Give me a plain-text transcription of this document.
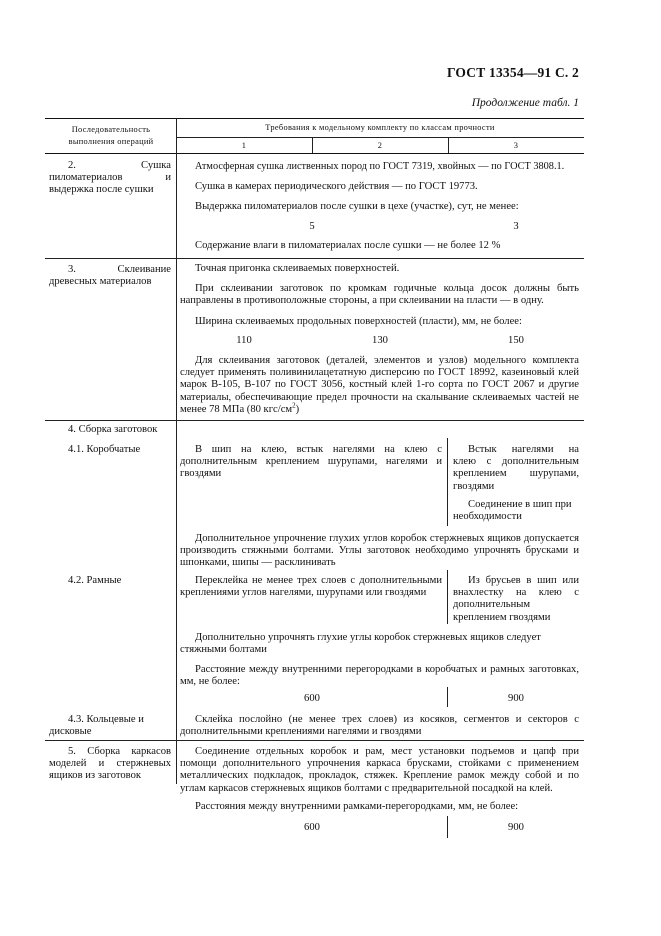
ГОСТ 13354—91 С. 2
Продолжение табл. 1
Последовательность выполнения операций
Требования к модельному комплекту по классам прочности
1	2	3
2. Сушка пиломатериалов и выдержка после сушки
Атмосферная сушка лиственных пород по ГОСТ 7319, хвойных — по ГОСТ 3808.1.
Сушка в камерах периодического действия — по ГОСТ 19773.
Выдержка пиломатериалов после сушки в цехе (участке), сут, не менее:
5	3
Содержание влаги в пиломатериалах после сушки — не более 12 %
3. Склеивание древесных материалов
Точная пригонка склеиваемых поверхностей.
При склеивании заготовок по кромкам годичные кольца досок должны быть направлены в противоположные стороны, а при склеивании на пласти — в одну.
Ширина склеиваемых продольных поверхностей (пласти), мм, не более:
110	130	150
Для склеивания заготовок (деталей, элементов и узлов) модельного комплекта следует применять поливинилацетатную дисперсию по ГОСТ 18992, казеиновый клей марок В-105, В-107 по ГОСТ 3056, костный клей 1-го сорта по ГОСТ 2067 и другие материалы, обеспечивающие предел прочности на скалывание склеиваемых частей не менее 78 МПа (80 кгс/$см^2$)
4. Сборка заготовок
4.1. Коробчатые	В шип на клею, встык нагелями на клею с дополнительным креплением шурупами, нагелями и гвоздями
Встык нагелями на клею с дополнительным креплением шурупами, гвоздями
Соединение в шип при необходимости
Дополнительное упрочнение глухих углов коробок стержневых ящиков допускается производить стяжными болтами. Углы заготовок необходимо упрочнять брусками и шпонками, шипы — расклинивать
4.2. Рамные	Переклейка не менее трех слоев с дополнительными креплениями углов нагелями, шурупами или гвоздями
Из брусьев в шип или внахлестку на клею с дополнительным креплением гвоздями
Дополнительно упрочнять глухие углы коробок стержневых ящиков следует стяжными болтами
Расстояние между внутренними перегородками в коробчатых и рамных заготовках, мм, не более:
600	900
4.3. Кольцевые и дисковые
Склейка послойно (не менее трех слоев) из косяков, сегментов и секторов с дополнительными креплениями нагелями и гвоздями
5. Сборка каркасов моделей и стержневых ящиков из заготовок
Соединение отдельных коробок и рам, мест установки подъемов и цапф при помощи дополнительного упрочнения каркаса брусками, стойками с применением металлических подкладок, прокладок, стяжек. Крепление рамок между собой и по углам каркасов стержневых ящиков болтами с предварительной посадкой на клей.
Расстояния между внутренними рамками-перегородками, мм, не более:
600	900
